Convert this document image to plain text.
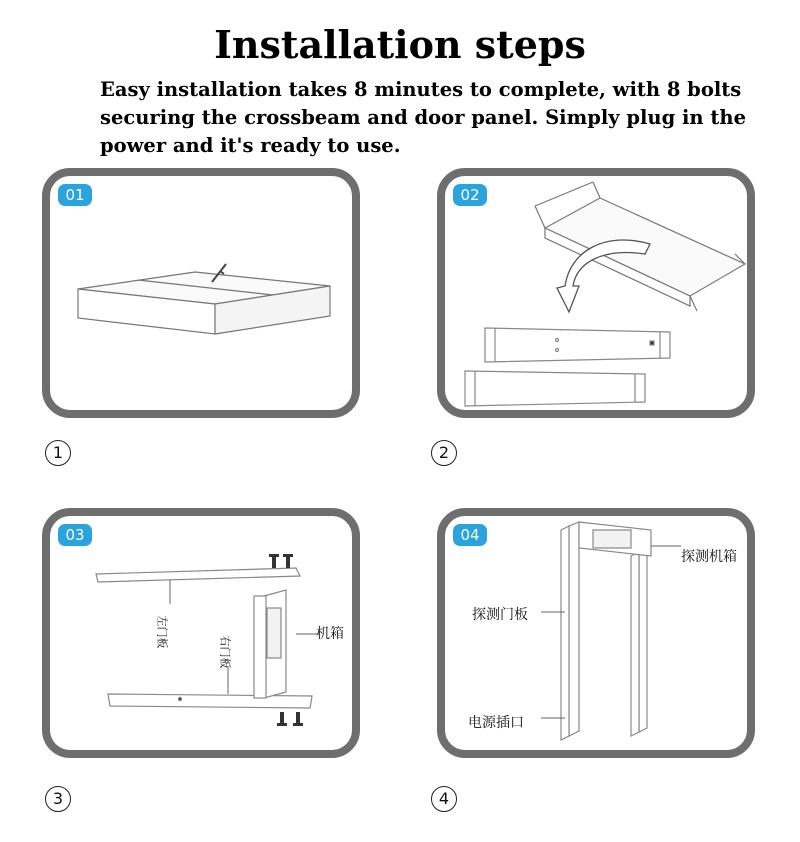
Installation steps
Easy installation takes 8 minutes to complete, with 8 bolts securing the crossbeam and door panel. Simply plug in the power and it's ready to use.
01
1
02
2
03
左门板
右门板
机箱
3
04
探测机箱
探测门板
电源插口
4
